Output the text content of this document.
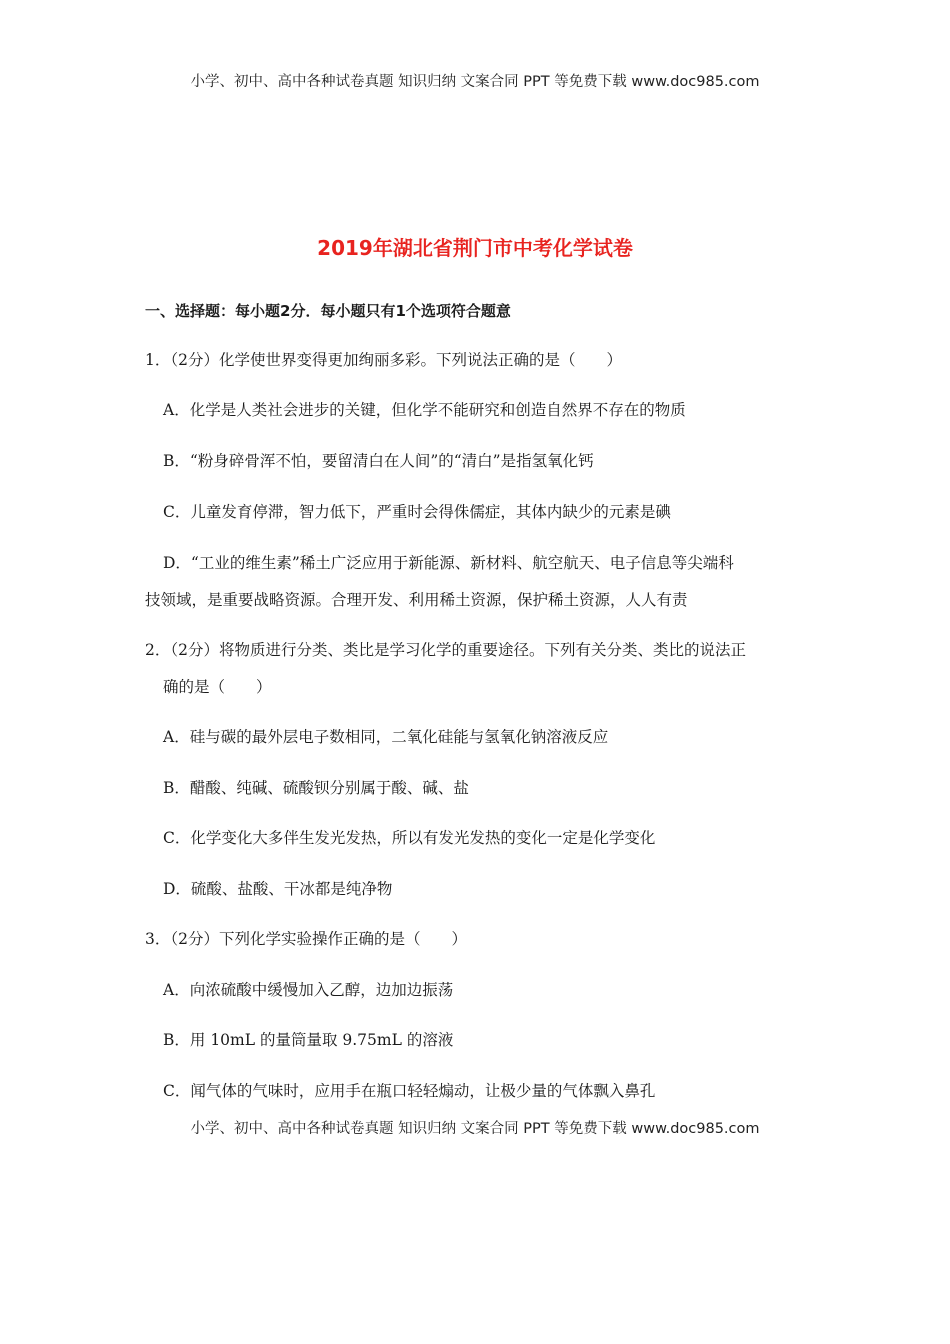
小学、初中、高中各种试卷真题 知识归纳 文案合同 PPT 等免费下载 www.doc985.com
2019年湖北省荆门市中考化学试卷
一、选择题：每小题2分．每小题只有1个选项符合题意
1．（2分）化学使世界变得更加绚丽多彩。下列说法正确的是（　　）
A．化学是人类社会进步的关键，但化学不能研究和创造自然界不存在的物质
B．“粉身碎骨浑不怕，要留清白在人间”的“清白”是指氢氧化钙
C．儿童发育停滞，智力低下，严重时会得侏儒症，其体内缺少的元素是碘
D．“工业的维生素”稀土广泛应用于新能源、新材料、航空航天、电子信息等尖端科
技领域，是重要战略资源。合理开发、利用稀土资源，保护稀土资源，人人有责
2．（2分）将物质进行分类、类比是学习化学的重要途径。下列有关分类、类比的说法正
确的是（　　）
A．硅与碳的最外层电子数相同，二氧化硅能与氢氧化钠溶液反应
B．醋酸、纯碱、硫酸钡分别属于酸、碱、盐
C．化学变化大多伴生发光发热，所以有发光发热的变化一定是化学变化
D．硫酸、盐酸、干冰都是纯净物
3．（2分）下列化学实验操作正确的是（　　）
A．向浓硫酸中缓慢加入乙醇，边加边振荡
B．用 10mL 的量筒量取 9.75mL 的溶液
C．闻气体的气味时，应用手在瓶口轻轻煽动，让极少量的气体飘入鼻孔
小学、初中、高中各种试卷真题 知识归纳 文案合同 PPT 等免费下载 www.doc985.com
